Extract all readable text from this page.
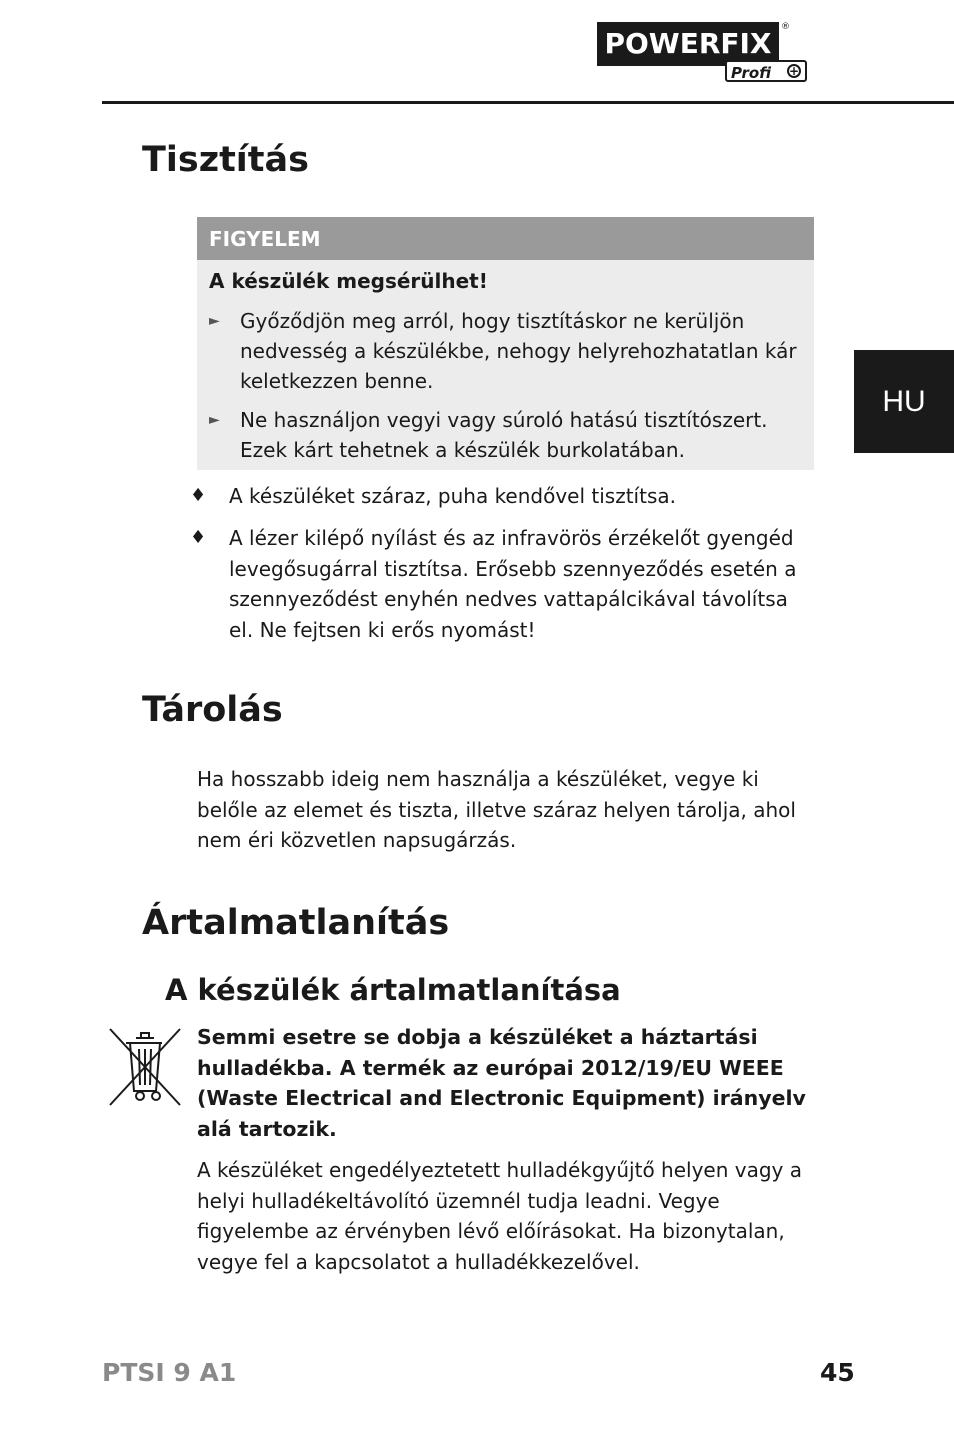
POWERFIX	®
Profi +
HU
Tisztítás
FIGYELEM
A készülék megsérülhet!
► Győződjön meg arról, hogy tisztításkor ne kerüljön nedvesség a készülékbe, nehogy helyrehozhatatlan kár keletkezzen benne.
► Ne használjon vegyi vagy súroló hatású tisztítószert. Ezek kárt tehetnek a készülék burkolatában.
♦ A készüléket száraz, puha kendővel tisztítsa.
♦ A lézer kilépő nyílást és az infravörös érzékelőt gyengéd levegősugárral tisztítsa. Erősebb szennyeződés esetén a szennyeződést enyhén nedves vattapálcikával távolítsa el. Ne fejtsen ki erős nyomást!
Tárolás
Ha hosszabb ideig nem használja a készüléket, vegye ki belőle az elemet és tiszta, illetve száraz helyen tárolja, ahol nem éri közvetlen napsugárzás.
Ártalmatlanítás
A készülék ártalmatlanítása
Semmi esetre se dobja a készüléket a háztartási hulladékba. A termék az európai 2012/19/EU WEEE (Waste Electrical and Electronic Equipment) irányelv alá tartozik.
A készüléket engedélyeztetett hulladékgyűjtő helyen vagy a helyi hulladékeltávolító üzemnél tudja leadni. Vegye figyelembe az érvényben lévő előírásokat. Ha bizonytalan, vegye fel a kapcsolatot a hulladékkezelővel.
PTSI 9 A1	45
